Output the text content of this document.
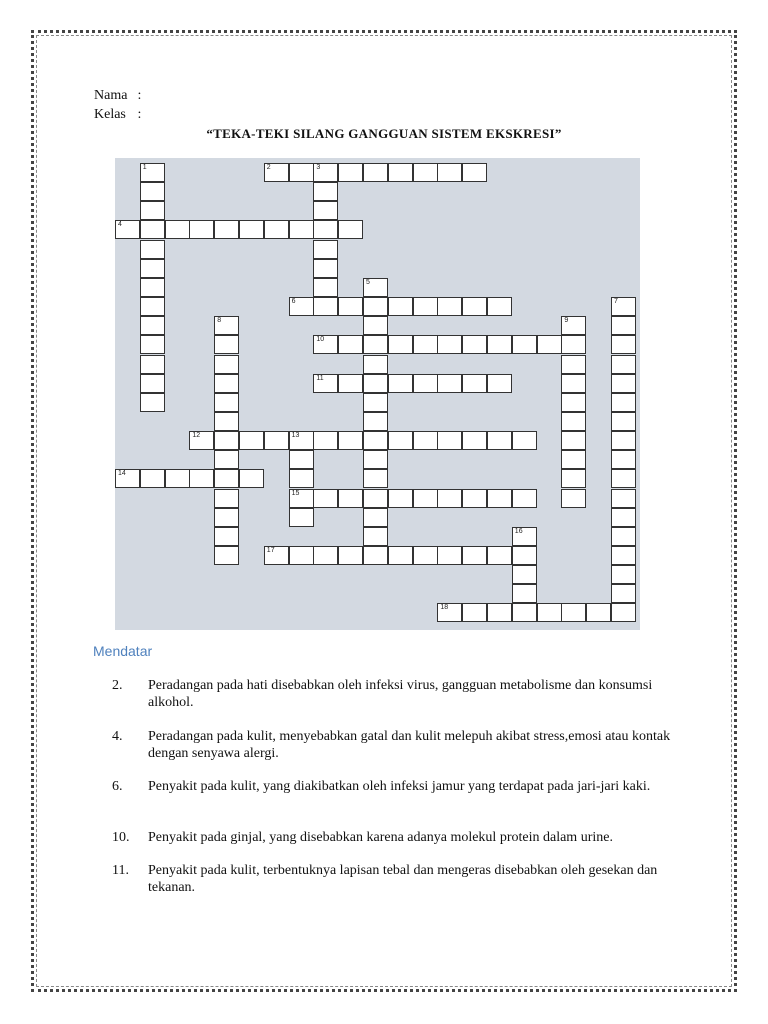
Nama :
Kelas :
“TEKA-TEKI SILANG GANGGUAN SISTEM EKSKRESI”
1	2	3
4
5
6	7
8	9
10
11
12	13
15
14
16
17
18
Mendatar
2. Peradangan pada hati disebabkan oleh infeksi virus, gangguan metabolisme dan konsumsi alkohol.
4. Peradangan pada kulit, menyebabkan gatal dan kulit melepuh akibat stress,emosi atau kontak dengan senyawa alergi.
6. Penyakit pada kulit, yang diakibatkan oleh infeksi jamur yang terdapat pada jari-jari kaki.
10. Penyakit pada ginjal, yang disebabkan karena adanya molekul protein dalam urine.
11. Penyakit pada kulit, terbentuknya lapisan tebal dan mengeras disebabkan oleh gesekan dan tekanan.
